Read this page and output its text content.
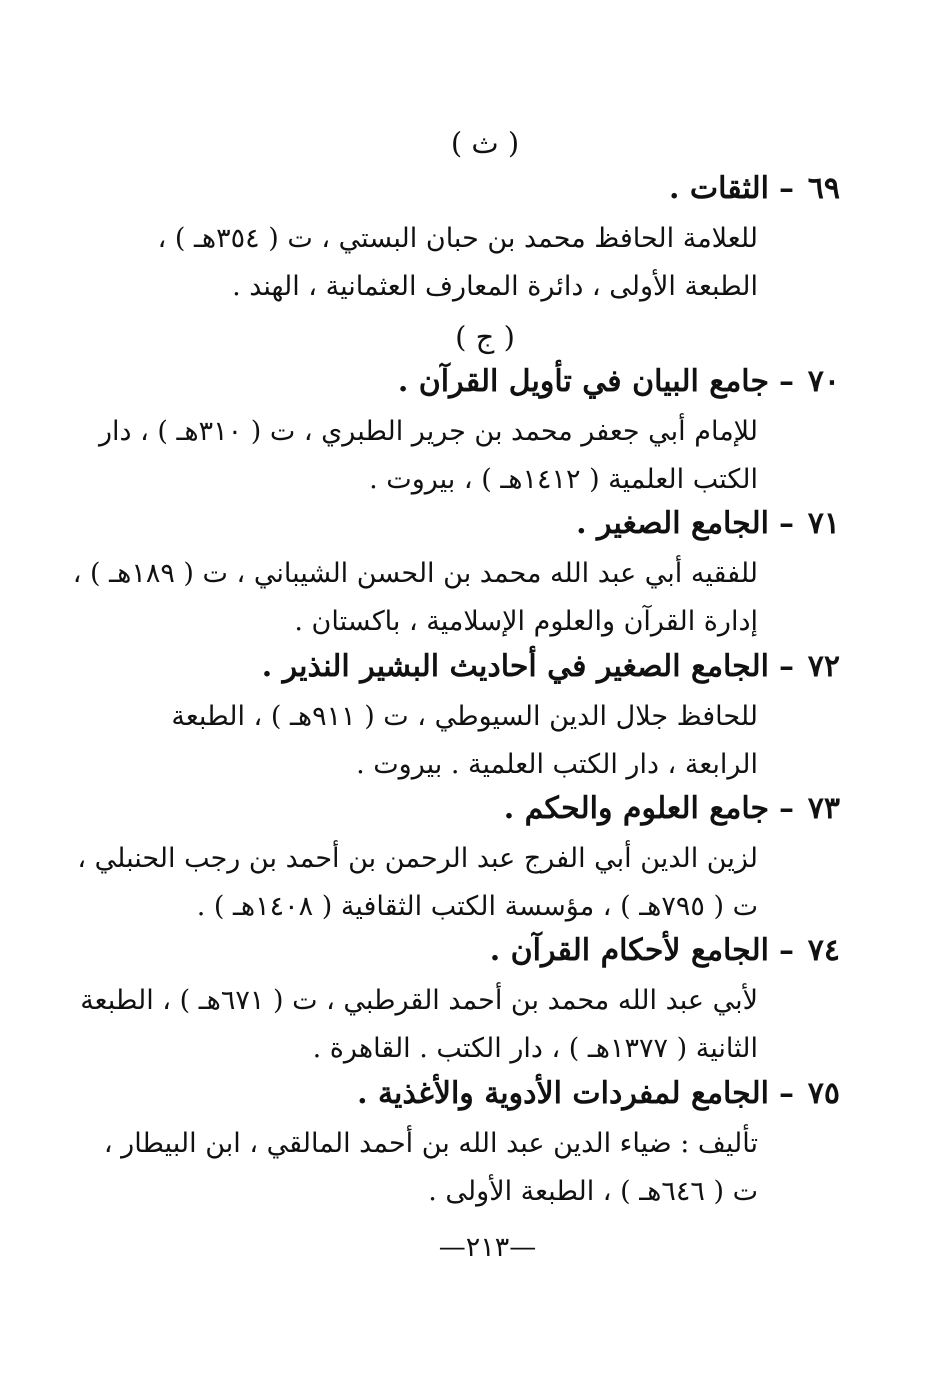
( ث )
٦٩–الثقات .

للعلامة الحافظ محمد بن حبان البستي ، ت ( ٣٥٤هـ ) ،

الطبعة الأولى ، دائرة المعارف العثمانية ، الهند .

( ج )
٧٠–جامع البيان في تأويل القرآن .

للإمام أبي جعفر محمد بن جرير الطبري ، ت ( ٣١٠هـ ) ، دار

الكتب العلمية ( ١٤١٢هـ ) ، بيروت .

٧١–الجامع الصغير .

للفقيه أبي عبد الله محمد بن الحسن الشيباني ، ت ( ١٨٩هـ ) ،

إدارة القرآن والعلوم الإسلامية ، باكستان .

٧٢–الجامع الصغير في أحاديث البشير النذير .

للحافظ جلال الدين السيوطي ، ت ( ٩١١هـ ) ، الطبعة

الرابعة ، دار الكتب العلمية . بيروت .

٧٣–جامع العلوم والحكم .

لزين الدين أبي الفرج عبد الرحمن بن أحمد بن رجب الحنبلي ،

ت ( ٧٩٥هـ ) ، مؤسسة الكتب الثقافية ( ١٤٠٨هـ ) .

٧٤–الجامع لأحكام القرآن .

لأبي عبد الله محمد بن أحمد القرطبي ، ت ( ٦٧١هـ ) ، الطبعة

الثانية ( ١٣٧٧هـ ) ، دار الكتب . القاهرة .

٧٥–الجامع لمفردات الأدوية والأغذية .

تأليف : ضياء الدين عبد الله بن أحمد المالقي ، ابن البيطار ،

ت ( ٦٤٦هـ ) ، الطبعة الأولى .

—٢١٣—
